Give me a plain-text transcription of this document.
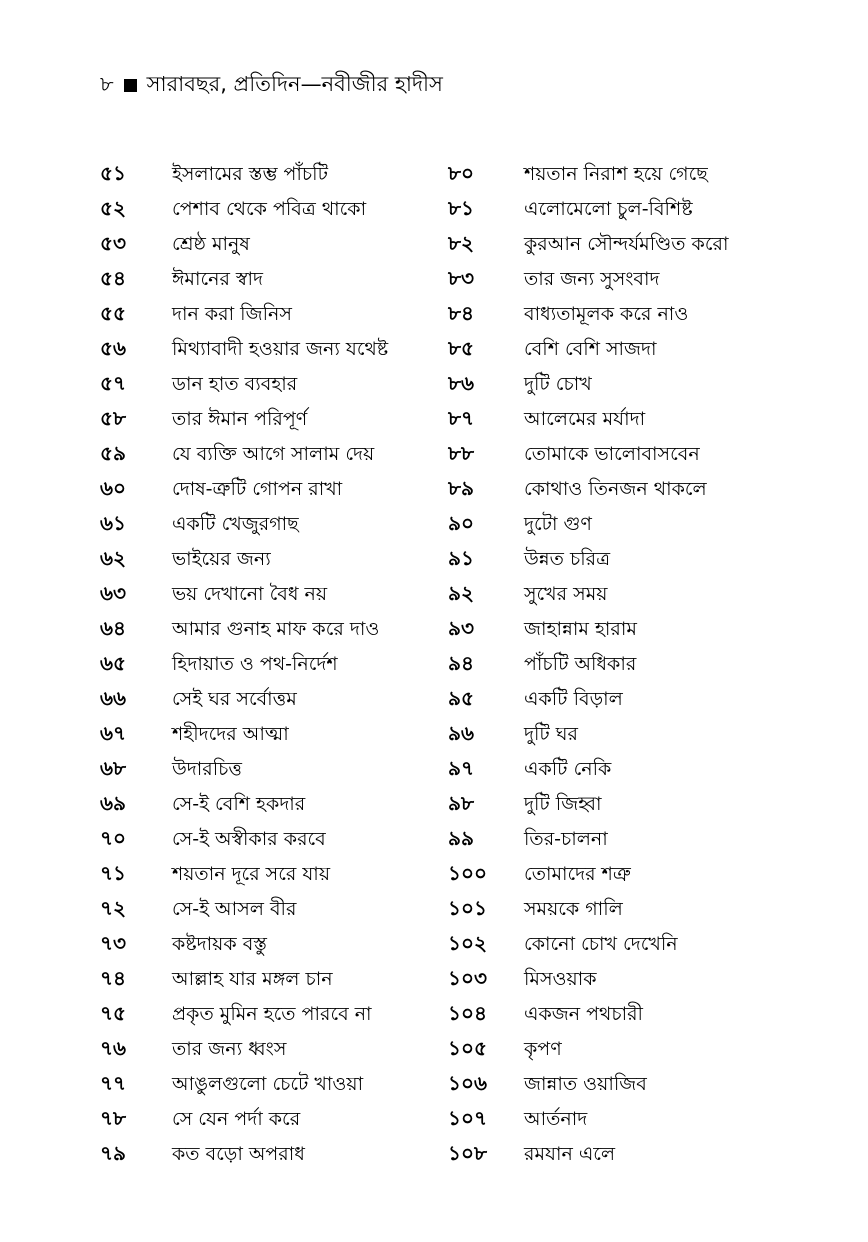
৮ সারাবছর, প্রতিদিন—নবীজীর হাদীস
৫১	ইসলামের স্তম্ভ পাঁচটি
৫২	পেশাব থেকে পবিত্র থাকো
৫৩	শ্রেষ্ঠ মানুষ
৫৪	ঈমানের স্বাদ
৫৫	দান করা জিনিস
৫৬	মিথ্যাবাদী হওয়ার জন্য যথেষ্ট
৫৭	ডান হাত ব্যবহার
৫৮	তার ঈমান পরিপূর্ণ
৫৯	যে ব্যক্তি আগে সালাম দেয়
৬০	দোষ-ত্রুটি গোপন রাখা
৬১	একটি খেজুরগাছ
৬২	ভাইয়ের জন্য
৬৩	ভয় দেখানো বৈধ নয়
৬৪	আমার গুনাহ মাফ করে দাও
৬৫	হিদায়াত ও পথ-নির্দেশ
৬৬	সেই ঘর সর্বোত্তম
৬৭	শহীদদের আত্মা
৬৮	উদারচিত্ত
৬৯	সে-ই বেশি হকদার
৭০	সে-ই অস্বীকার করবে
৭১	শয়তান দূরে সরে যায়
৭২	সে-ই আসল বীর
৭৩	কষ্টদায়ক বস্তু
৭৪	আল্লাহ যার মঙ্গল চান
৭৫	প্রকৃত মুমিন হতে পারবে না
৭৬	তার জন্য ধ্বংস
৭৭	আঙুলগুলো চেটে খাওয়া
৭৮	সে যেন পর্দা করে
৭৯	কত বড়ো অপরাধ
৮০	শয়তান নিরাশ হয়ে গেছে
৮১	এলোমেলো চুল-বিশিষ্ট
৮২	কুরআন সৌন্দর্যমণ্ডিত করো
৮৩	তার জন্য সুসংবাদ
৮৪	বাধ্যতামূলক করে নাও
৮৫	বেশি বেশি সাজদা
৮৬	দুটি চোখ
৮৭	আলেমের মর্যাদা
৮৮	তোমাকে ভালোবাসবেন
৮৯	কোথাও তিনজন থাকলে
৯০	দুটো গুণ
৯১	উন্নত চরিত্র
৯২	সুখের সময়
৯৩	জাহান্নাম হারাম
৯৪	পাঁচটি অধিকার
৯৫	একটি বিড়াল
৯৬	দুটি ঘর
৯৭	একটি নেকি
৯৮	দুটি জিহ্বা
৯৯	তির-চালনা
১০০	তোমাদের শত্রু
১০১	সময়কে গালি
১০২	কোনো চোখ দেখেনি
১০৩	মিসওয়াক
১০৪	একজন পথচারী
১০৫	কৃপণ
১০৬	জান্নাত ওয়াজিব
১০৭	আর্তনাদ
১০৮	রমযান এলে
